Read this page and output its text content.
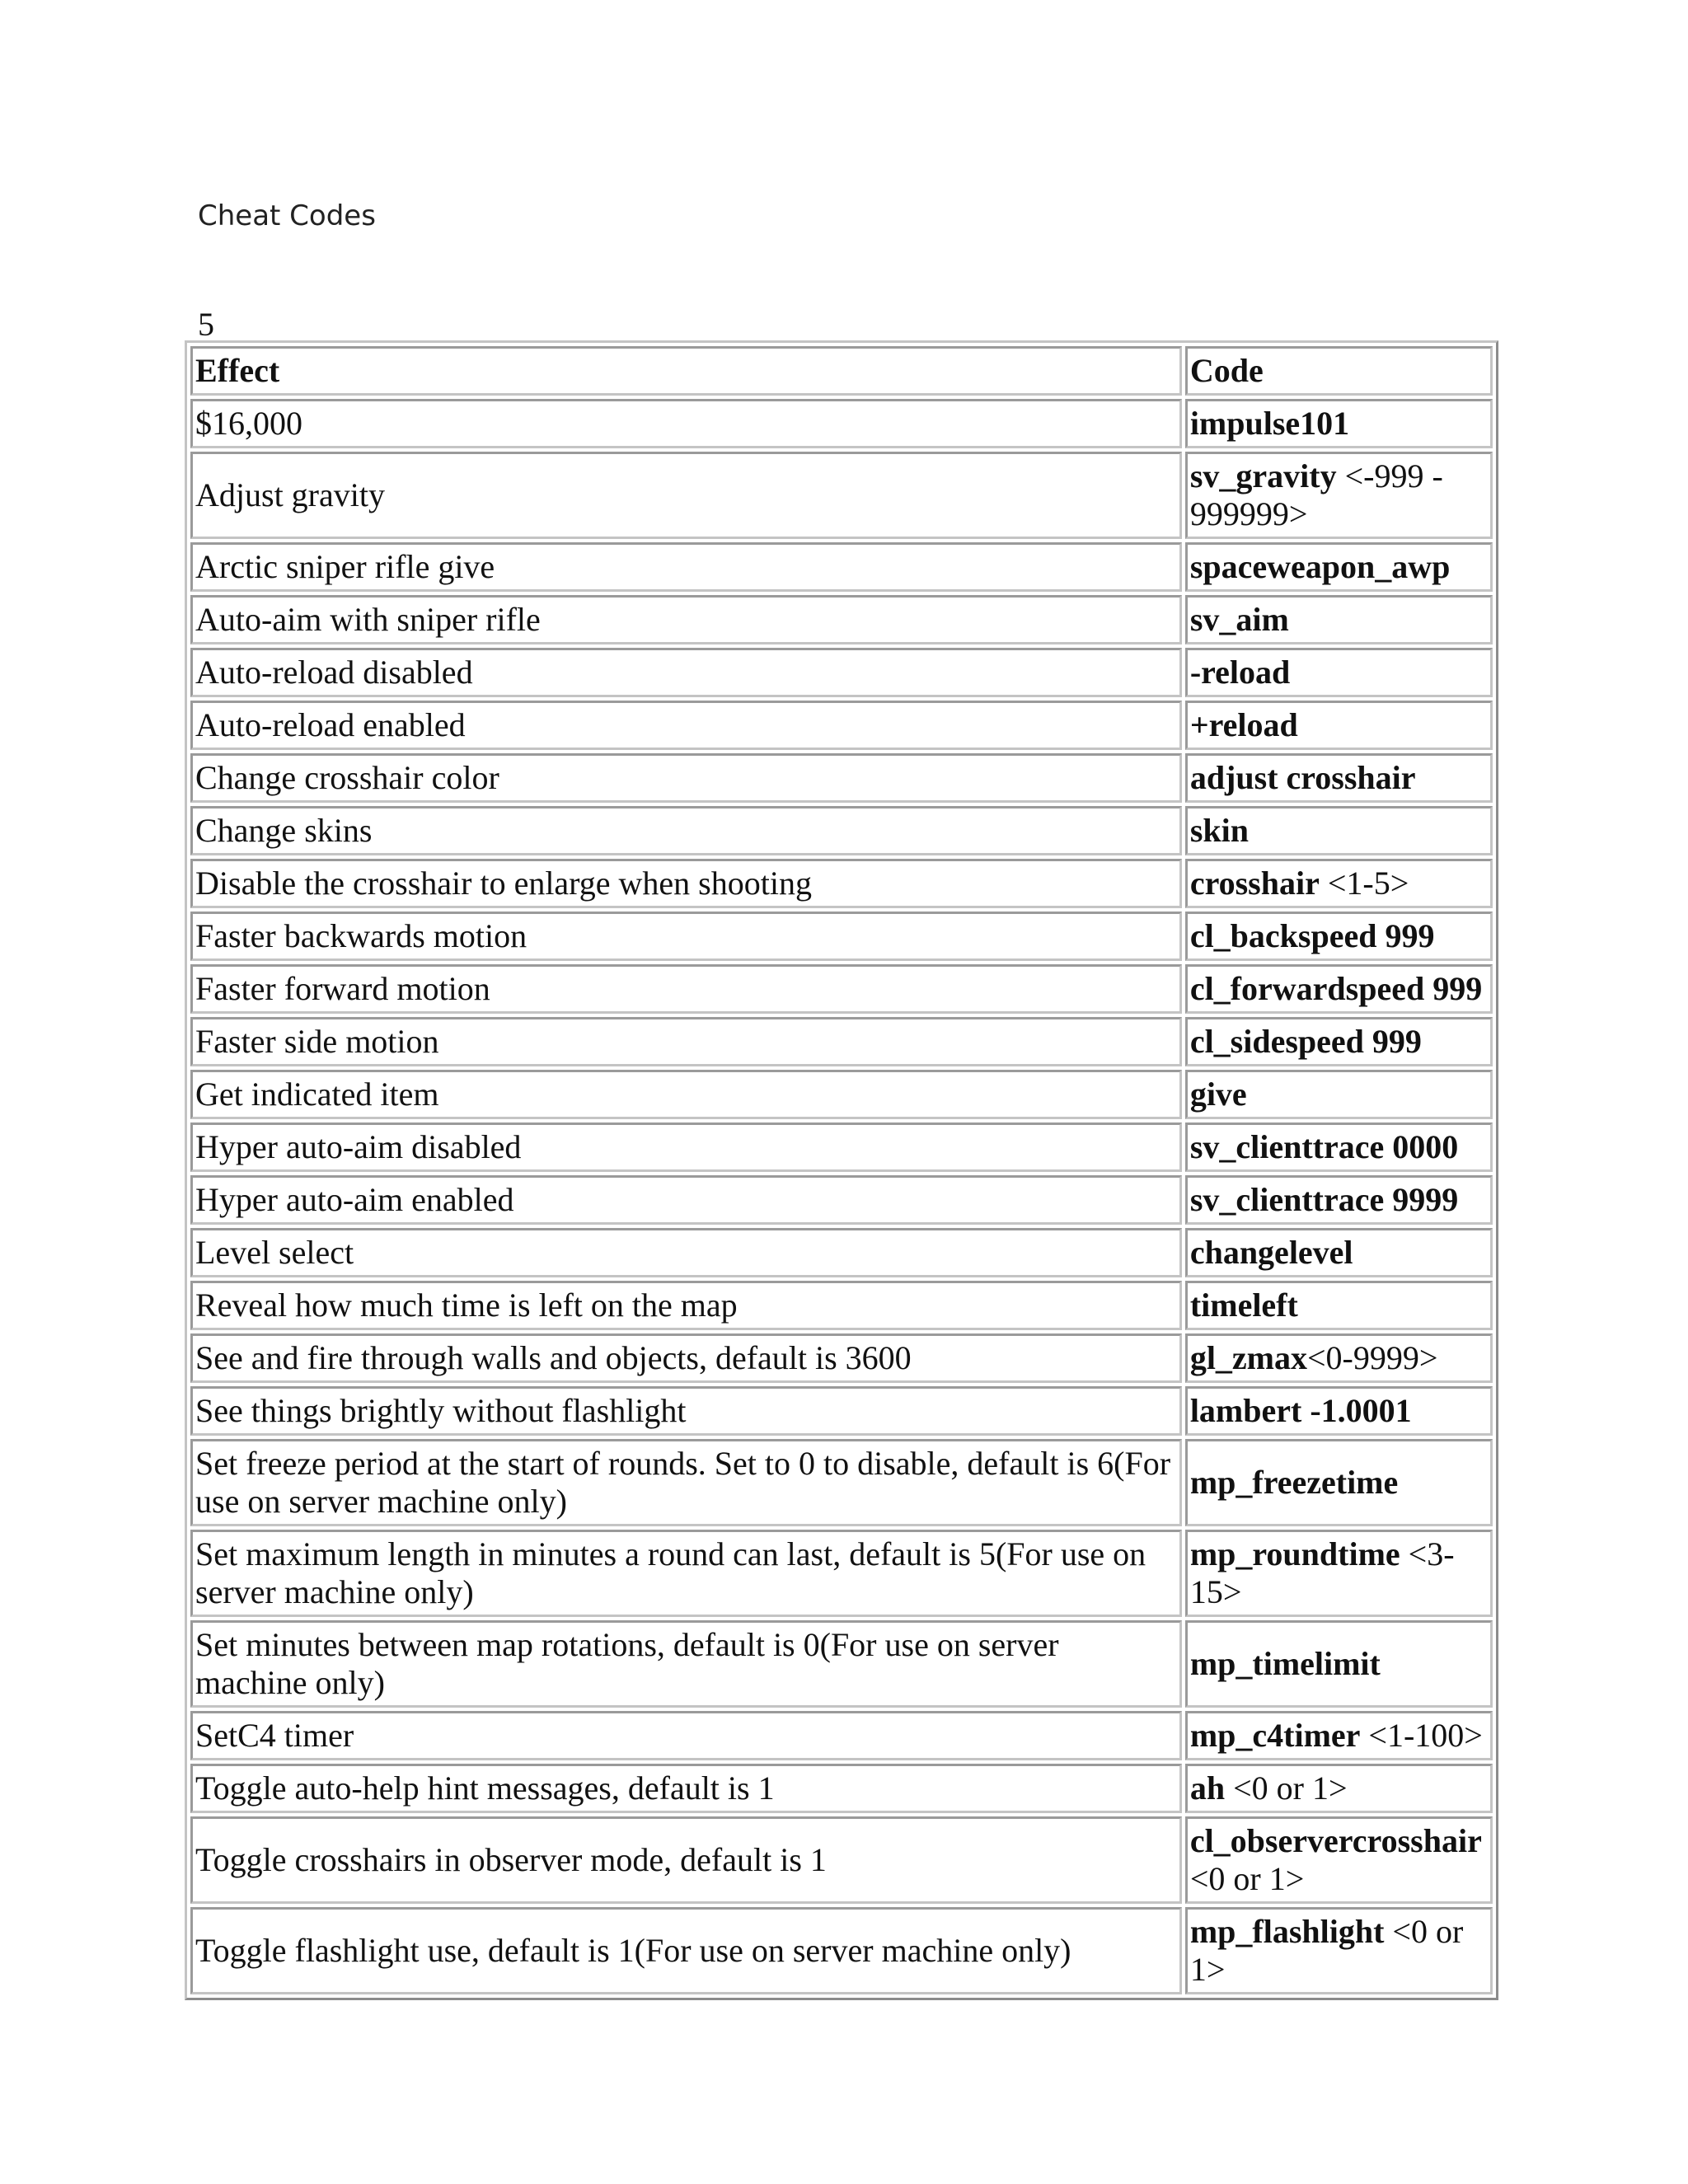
Cheat Codes
5
Effect	Code
$16,000	impulse101
Adjust gravity	sv_gravity <-999 - 999999>
Arctic sniper rifle give	spaceweapon_awp
Auto-aim with sniper rifle	sv_aim
Auto-reload disabled	-reload
Auto-reload enabled	+reload
Change crosshair color	adjust crosshair
Change skins	skin
Disable the crosshair to enlarge when shooting	crosshair <1-5>
Faster backwards motion	cl_backspeed 999
Faster forward motion	cl_forwardspeed 999
Faster side motion	cl_sidespeed 999
Get indicated item	give
Hyper auto-aim disabled	sv_clienttrace 0000
Hyper auto-aim enabled	sv_clienttrace 9999
Level select	changelevel
Reveal how much time is left on the map	timeleft
See and fire through walls and objects, default is 3600	gl_zmax<0-9999>
See things brightly without flashlight	lambert -1.0001
Set freeze period at the start of rounds. Set to 0 to disable, default is 6(For use on server machine only)	mp_freezetime
Set maximum length in minutes a round can last, default is 5(For use on server machine only)	mp_roundtime <3-15>
Set minutes between map rotations, default is 0(For use on server machine only)	mp_timelimit
SetC4 timer	mp_c4timer <1-100>
Toggle auto-help hint messages, default is 1	ah <0 or 1>
Toggle crosshairs in observer mode, default is 1	cl_observercrosshair <0 or 1>
Toggle flashlight use, default is 1(For use on server machine only)	mp_flashlight <0 or 1>
